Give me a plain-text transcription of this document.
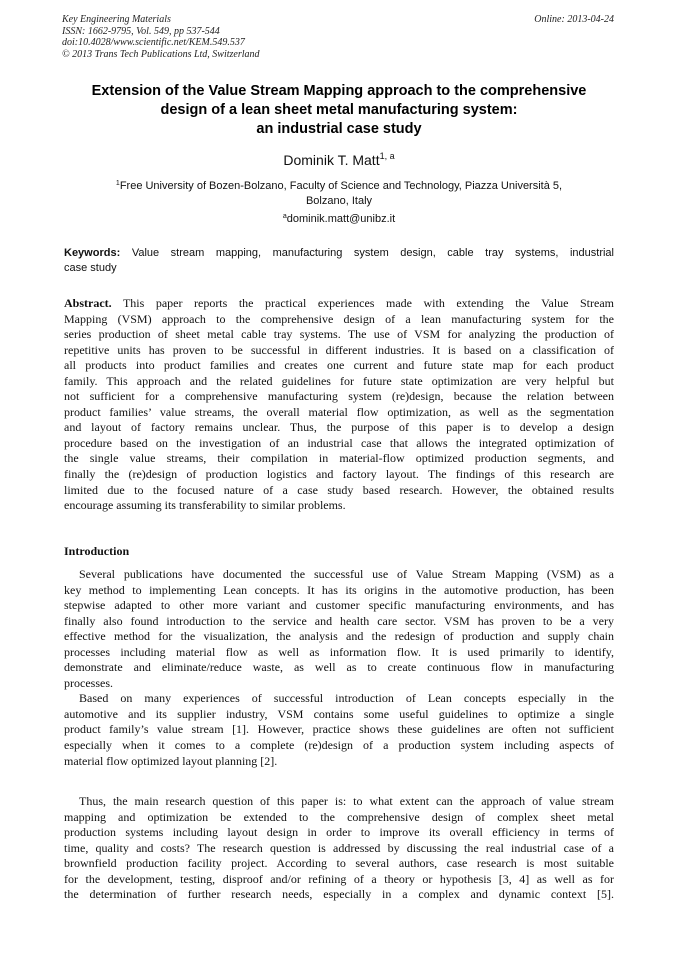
Key Engineering Materials
ISSN: 1662-9795, Vol. 549, pp 537-544
doi:10.4028/www.scientific.net/KEM.549.537
© 2013 Trans Tech Publications Ltd, Switzerland
Online: 2013-04-24
Extension of the Value Stream Mapping approach to the comprehensive
design of a lean sheet metal manufacturing system:
an industrial case study
Dominik T. Matt$^{1, a}$
$^1$Free University of Bozen-Bolzano, Faculty of Science and Technology, Piazza Università 5,
Bolzano, Italy
$^a$dominik.matt@unibz.it
Keywords: Value stream mapping, manufacturing system design, cable tray systems, industrial
case study
Abstract. This paper reports the practical experiences made with extending the Value Stream
Mapping (VSM) approach to the comprehensive design of a lean manufacturing system for the
series production of sheet metal cable tray systems. The use of VSM for analyzing the production of
repetitive units has proven to be successful in different industries. It is based on a classification of
all products into product families and creates one current and future state map for each product
family. This approach and the related guidelines for future state optimization are very helpful but
not sufficient for a comprehensive manufacturing system (re)design, because the relation between
product families’ value streams, the overall material flow optimization, as well as the segmentation
and layout of factory remains unclear. Thus, the purpose of this paper is to develop a design
procedure based on the investigation of an industrial case that allows the integrated optimization of
the single value streams, their compilation in material-flow optimized production segments, and
finally the (re)design of production logistics and factory layout. The findings of this research are
limited due to the focused nature of a case study based research. However, the obtained results
encourage assuming its transferability to similar problems.
Introduction
Several publications have documented the successful use of Value Stream Mapping (VSM) as a
key method to implementing Lean concepts. It has its origins in the automotive production, has been
stepwise adapted to other more variant and customer specific manufacturing environments, and has
finally also found introduction to the service and health care sector. VSM has proven to be a very
effective method for the visualization, the analysis and the redesign of production and supply chain
processes including material flow as well as information flow. It is used primarily to identify,
demonstrate and eliminate/reduce waste, as well as to create continuous flow in manufacturing
processes.
Based on many experiences of successful introduction of Lean concepts especially in the
automotive and its supplier industry, VSM contains some useful guidelines to optimize a single
product family’s value stream [1]. However, practice shows these guidelines are often not sufficient
especially when it comes to a complete (re)design of a production system including aspects of
material flow optimized layout planning [2].
Thus, the main research question of this paper is: to what extent can the approach of value stream
mapping and optimization be extended to the comprehensive design of complex sheet metal
production systems including layout design in order to improve its overall efficiency in terms of
time, quality and costs? The research question is addressed by discussing the real industrial case of a
brownfield production facility project. According to several authors, case research is most suitable
for the development, testing, disproof and/or refining of a theory or hypothesis [3, 4] as well as for
the determination of further research needs, especially in a complex and dynamic context [5].
